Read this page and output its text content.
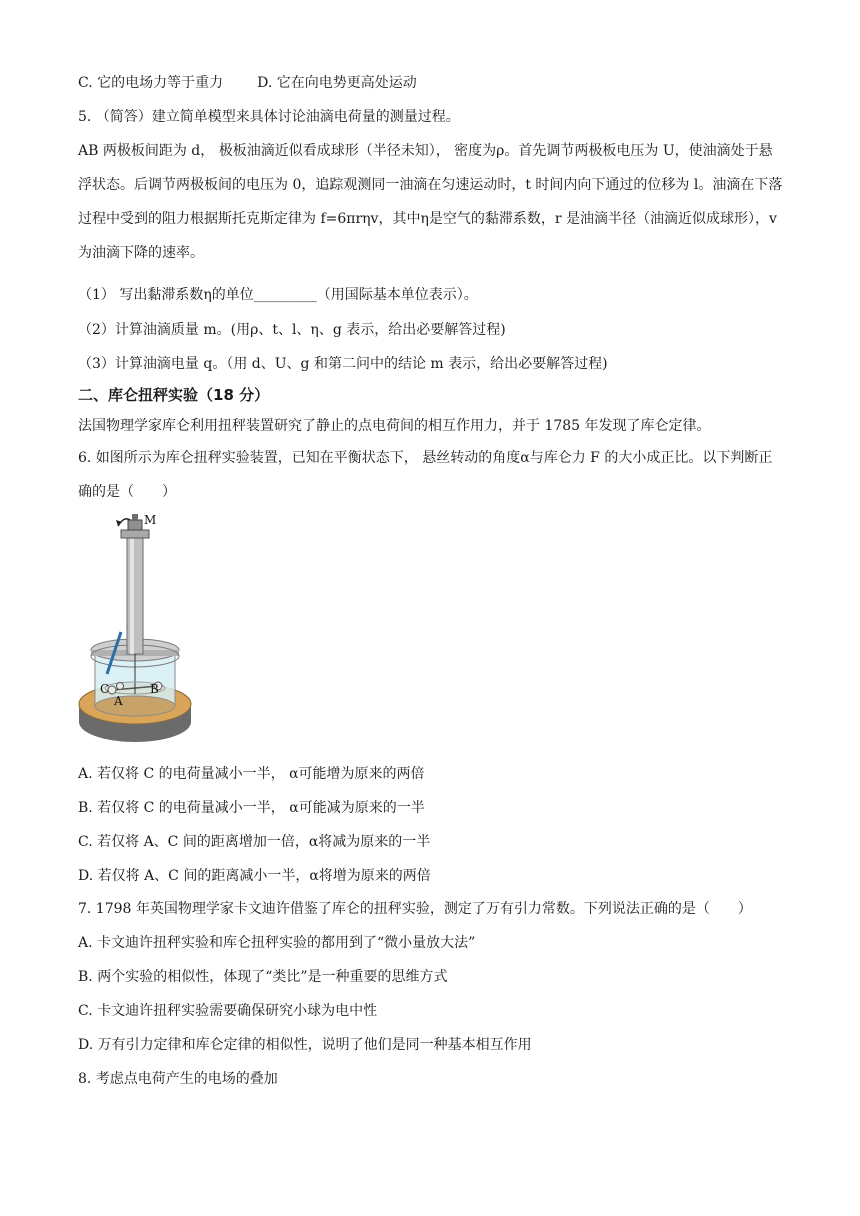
C. 它的电场力等于重力 D. 它在向电势更高处运动
5. （简答）建立简单模型来具体讨论油滴电荷量的测量过程。
AB 两极板间距为 d， 极板油滴近似看成球形（半径未知）， 密度为ρ。首先调节两极板电压为 U，使油滴处于悬浮状态。后调节两极板间的电压为 0，追踪观测同一油滴在匀速运动时，t 时间内向下通过的位移为 l。油滴在下落过程中受到的阻力根据斯托克斯定律为 f=6πrηv，其中η是空气的黏滞系数，r 是油滴半径（油滴近似成球形），v 为油滴下降的速率。
（1） 写出黏滞系数η的单位_________（用国际基本单位表示）。
（2）计算油滴质量 m。(用ρ、t、l、η、g 表示，给出必要解答过程)
（3）计算油滴电量 q。（用 d、U、g 和第二问中的结论 m 表示，给出必要解答过程)
二、库仑扭秤实验（18 分）
法国物理学家库仑利用扭秤装置研究了静止的点电荷间的相互作用力，并于 1785 年发现了库仑定律。
6. 如图所示为库仑扭秤实验装置，已知在平衡状态下， 悬丝转动的角度α与库仑力 F 的大小成正比。以下判断正确的是（　　）
M
C
A
B
A. 若仅将 C 的电荷量减小一半， α可能增为原来的两倍
B. 若仅将 C 的电荷量减小一半， α可能减为原来的一半
C. 若仅将 A、C 间的距离增加一倍，α将减为原来的一半
D. 若仅将 A、C 间的距离减小一半，α将增为原来的两倍
7. 1798 年英国物理学家卡文迪许借鉴了库仑的扭秤实验，测定了万有引力常数。下列说法正确的是（　　）
A. 卡文迪许扭秤实验和库仑扭秤实验的都用到了“微小量放大法”
B. 两个实验的相似性，体现了“类比”是一种重要的思维方式
C. 卡文迪许扭秤实验需要确保研究小球为电中性
D. 万有引力定律和库仑定律的相似性，说明了他们是同一种基本相互作用
8. 考虑点电荷产生的电场的叠加
